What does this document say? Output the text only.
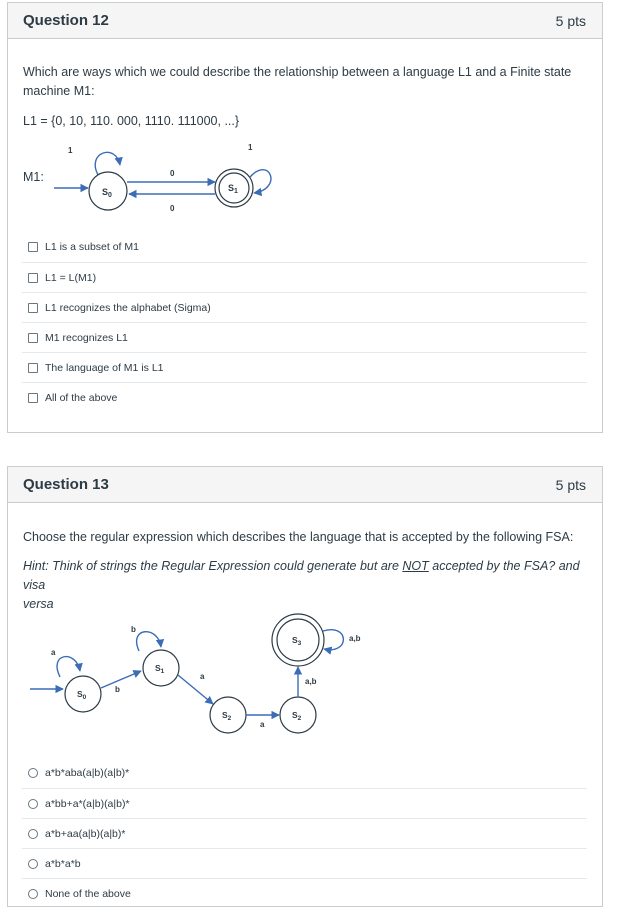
Question 12	5 pts
Which are ways which we could describe the relationship between a language L1 and a Finite state
machine M1:
L1 = {0, 10, 110. 000, 1110. 111000, ...}
M1:
1
$S_0$
0
0
$S_1$
1
L1 is a subset of M1
L1 = L(M1)
L1 recognizes the alphabet (Sigma)
M1 recognizes L1
The language of M1 is L1
All of the above
Question 13	5 pts
Choose the regular expression which describes the language that is accepted by the following FSA:
Hint: Think of strings the Regular Expression could generate but are NOT accepted by the FSA? and visa
versa
a
$S_0$
b
b
$S_1$
a
$S_2$
a
$S_2$
a,b
$S_3$
a,b
a*b*aba(a|b)(a|b)*
a*bb+a*(a|b)(a|b)*
a*b+aa(a|b)(a|b)*
a*b*a*b
None of the above
